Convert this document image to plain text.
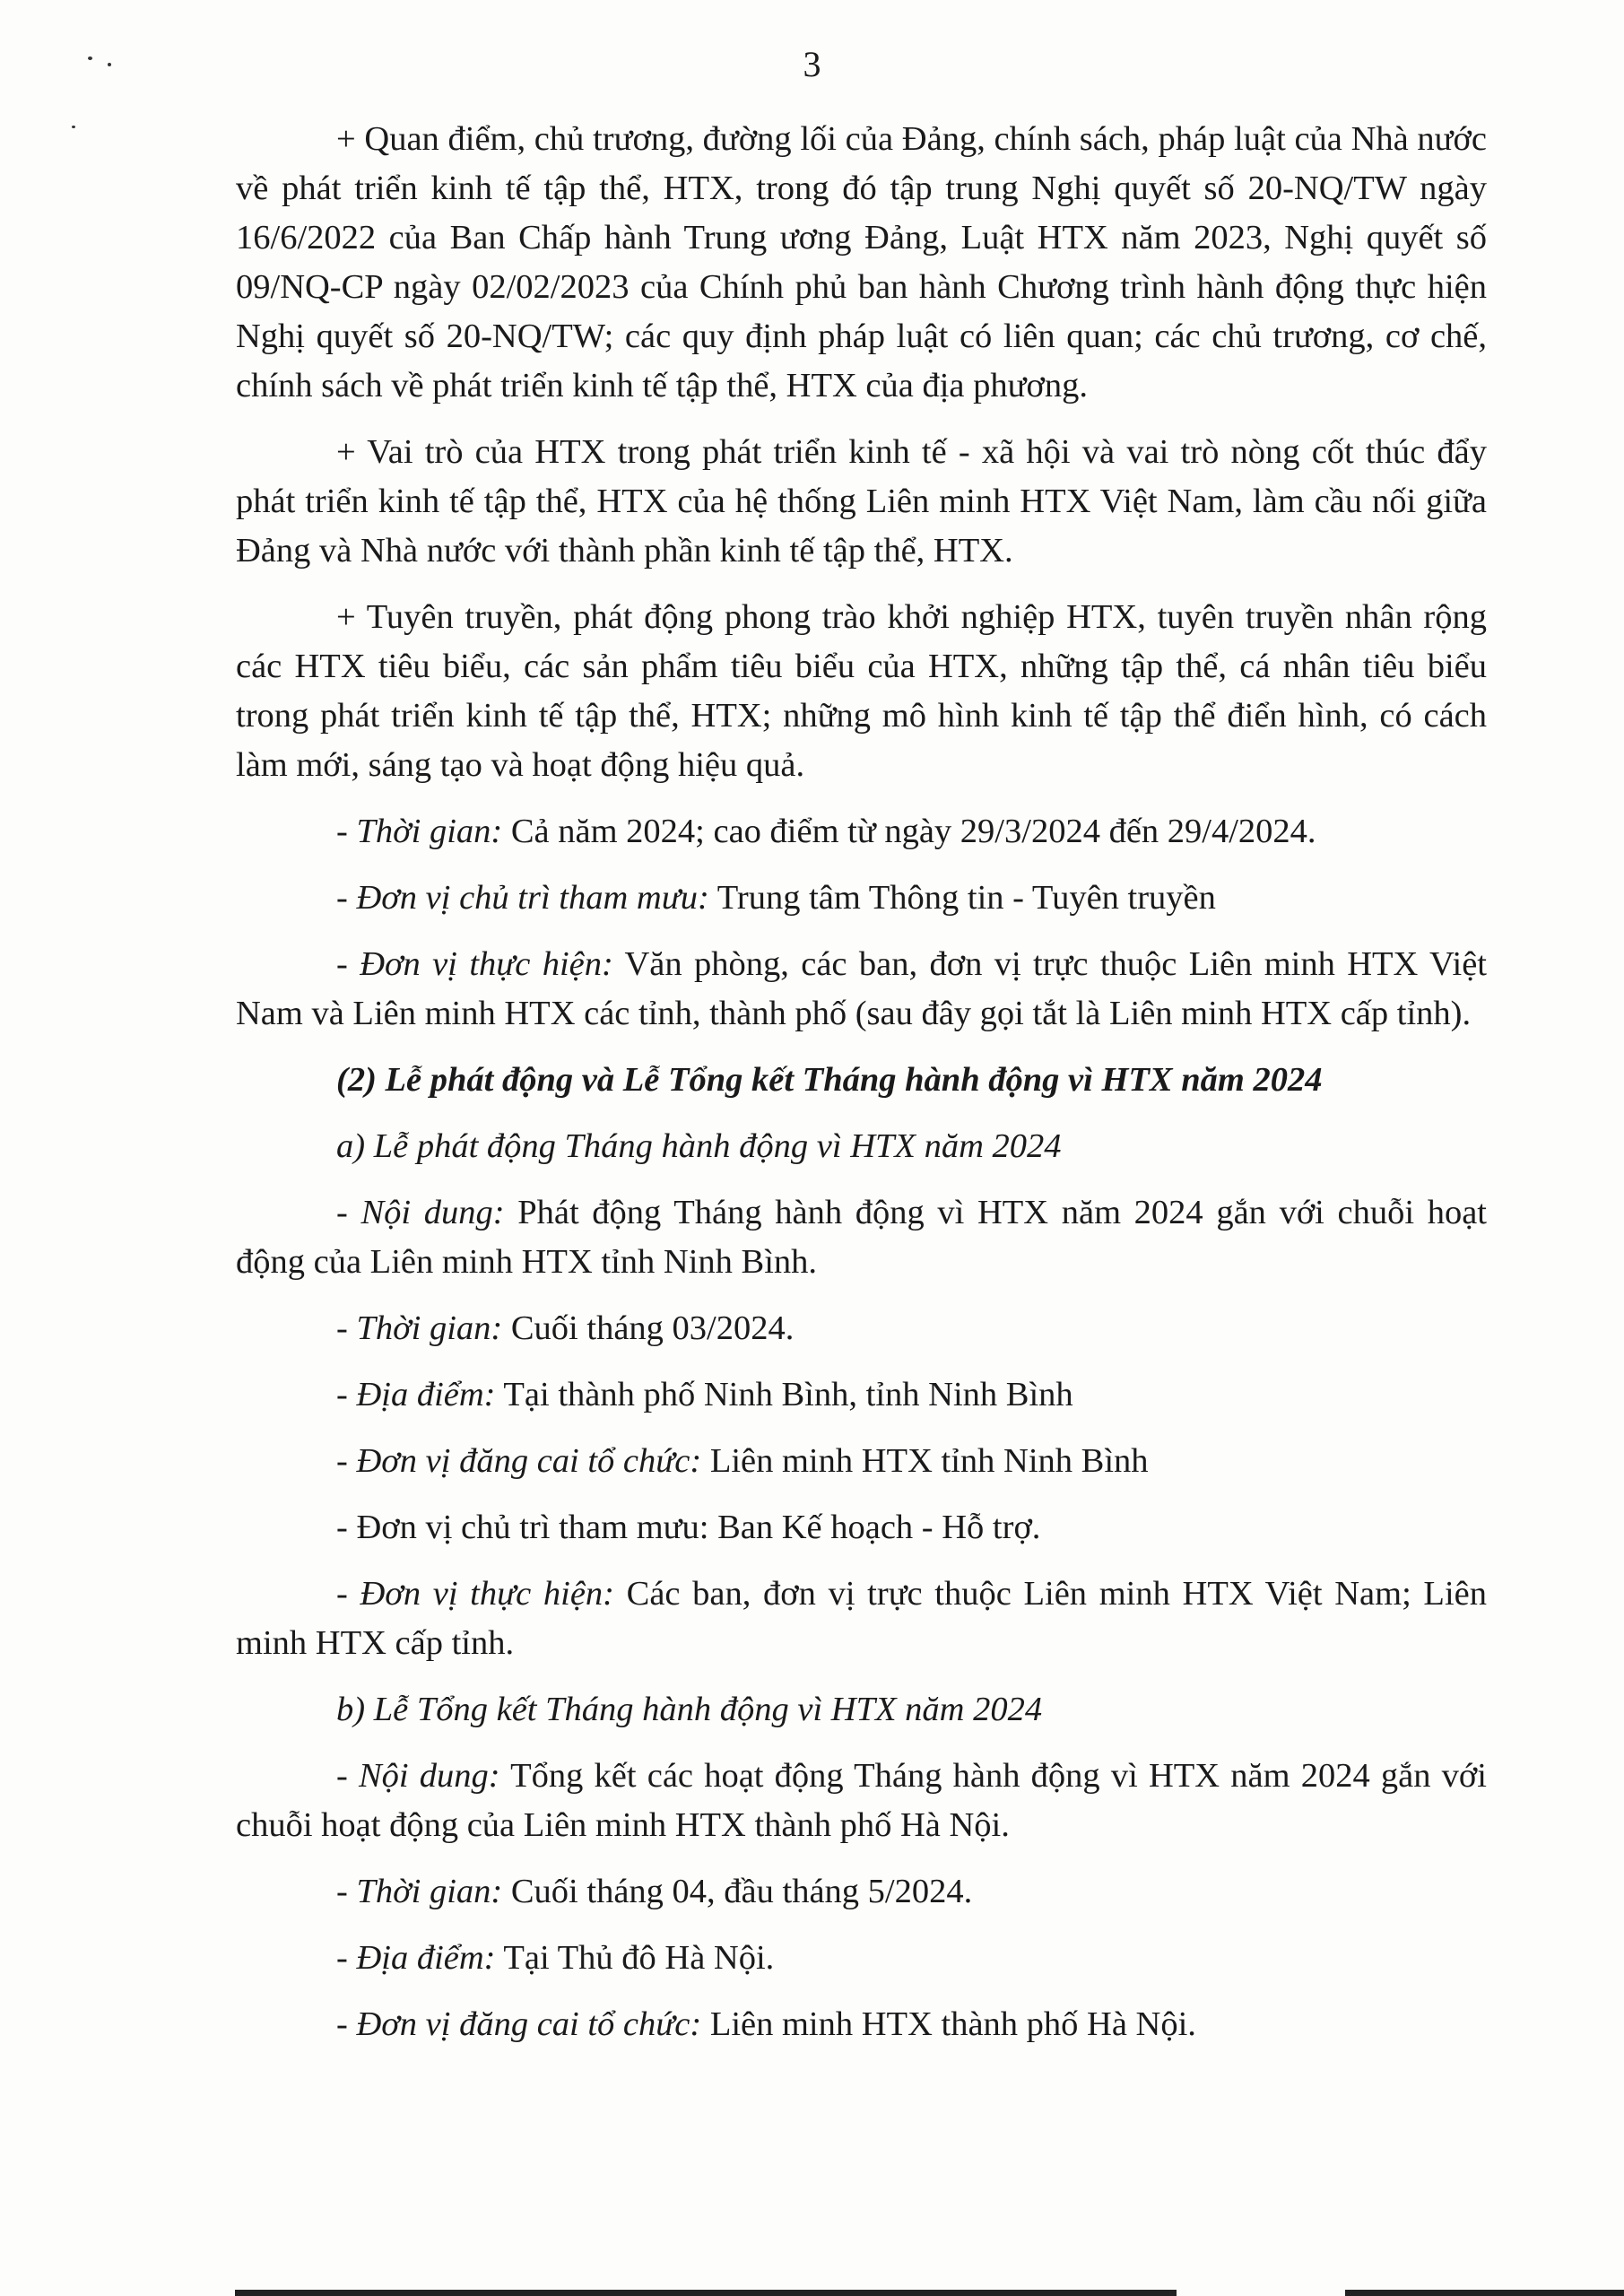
3

+ Quan điểm, chủ trương, đường lối của Đảng, chính sách, pháp luật của Nhà nước về phát triển kinh tế tập thể, HTX, trong đó tập trung Nghị quyết số 20-NQ/TW ngày 16/6/2022 của Ban Chấp hành Trung ương Đảng, Luật HTX năm 2023, Nghị quyết số 09/NQ-CP ngày 02/02/2023 của Chính phủ ban hành Chương trình hành động thực hiện Nghị quyết số 20-NQ/TW; các quy định pháp luật có liên quan; các chủ trương, cơ chế, chính sách về phát triển kinh tế tập thể, HTX của địa phương.

+ Vai trò của HTX trong phát triển kinh tế - xã hội và vai trò nòng cốt thúc đẩy phát triển kinh tế tập thể, HTX của hệ thống Liên minh HTX Việt Nam, làm cầu nối giữa Đảng và Nhà nước với thành phần kinh tế tập thể, HTX.

+ Tuyên truyền, phát động phong trào khởi nghiệp HTX, tuyên truyền nhân rộng các HTX tiêu biểu, các sản phẩm tiêu biểu của HTX, những tập thể, cá nhân tiêu biểu trong phát triển kinh tế tập thể, HTX; những mô hình kinh tế tập thể điển hình, có cách làm mới, sáng tạo và hoạt động hiệu quả.

- Thời gian: Cả năm 2024; cao điểm từ ngày 29/3/2024 đến 29/4/2024.

- Đơn vị chủ trì tham mưu: Trung tâm Thông tin - Tuyên truyền

- Đơn vị thực hiện: Văn phòng, các ban, đơn vị trực thuộc Liên minh HTX Việt Nam và Liên minh HTX các tỉnh, thành phố (sau đây gọi tắt là Liên minh HTX cấp tỉnh).

(2) Lễ phát động và Lễ Tổng kết Tháng hành động vì HTX năm 2024

a) Lễ phát động Tháng hành động vì HTX năm 2024

- Nội dung: Phát động Tháng hành động vì HTX năm 2024 gắn với chuỗi hoạt động của Liên minh HTX tỉnh Ninh Bình.

- Thời gian: Cuối tháng 03/2024.

- Địa điểm: Tại thành phố Ninh Bình, tỉnh Ninh Bình

- Đơn vị đăng cai tổ chức: Liên minh HTX tỉnh Ninh Bình

- Đơn vị chủ trì tham mưu: Ban Kế hoạch - Hỗ trợ.

- Đơn vị thực hiện: Các ban, đơn vị trực thuộc Liên minh HTX Việt Nam; Liên minh HTX cấp tỉnh.

b) Lễ Tổng kết Tháng hành động vì HTX năm 2024

- Nội dung: Tổng kết các hoạt động Tháng hành động vì HTX năm 2024 gắn với chuỗi hoạt động của Liên minh HTX thành phố Hà Nội.

- Thời gian: Cuối tháng 04, đầu tháng 5/2024.

- Địa điểm: Tại Thủ đô Hà Nội.

- Đơn vị đăng cai tổ chức: Liên minh HTX thành phố Hà Nội.
